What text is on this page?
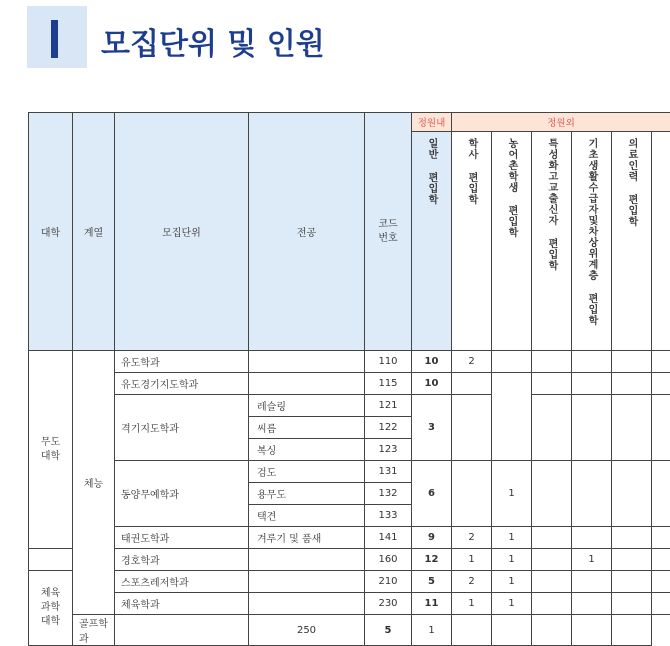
모집단위 및 인원
대학	계열	모집단위	전공	코드 번호	정원내	정원외					
					일반 편입학	학사 편입학	농어촌학생 편입학	특성화고교출신자 편입학	기초생활수급자및차상위계층 편입학	의료인력 편입학	

무도 대학	체능	유도학과		110	10	2					
		유도경기지도학과		115	10						
		격기지도학과	레슬링	121	3						
			씨름	122							
			복싱	123							
		동양무예학과	검도	131	6		1				
			용무도	132							
			택견	133							
		태권도학과	겨루기 및 품새	141	9	2	1				
		경호학과		160	12	1	1		1		

체육 과학 대학		스포츠레저학과		210	5	2	1				
		체육학과		230	11	1	1				
	골프학과		250	5	1						
